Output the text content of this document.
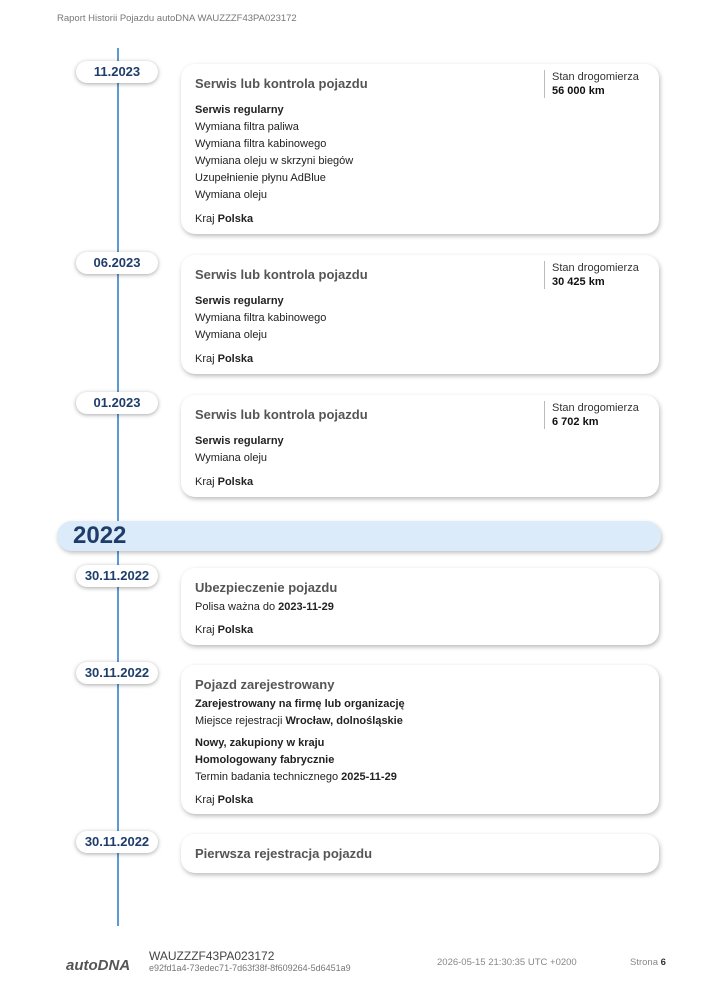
Raport Historii Pojazdu autoDNA WAUZZZF43PA023172
11.2023
Serwis lub kontrola pojazdu	Stan drogomierza
56 000 km
Serwis regularny
Wymiana filtra paliwa
Wymiana filtra kabinowego
Wymiana oleju w skrzyni biegów
Uzupełnienie płynu AdBlue
Wymiana oleju
Kraj Polska
06.2023
Serwis lub kontrola pojazdu	Stan drogomierza
30 425 km
Serwis regularny
Wymiana filtra kabinowego
Wymiana oleju
Kraj Polska
01.2023
Serwis lub kontrola pojazdu	Stan drogomierza
6 702 km
Serwis regularny
Wymiana oleju
Kraj Polska
2022
30.11.2022
Ubezpieczenie pojazdu
Polisa ważna do 2023-11-29
Kraj Polska
30.11.2022
Pojazd zarejestrowany
Zarejestrowany na firmę lub organizację
Miejsce rejestracji Wrocław, dolnośląskie
Nowy, zakupiony w kraju
Homologowany fabrycznie
Termin badania technicznego 2025-11-29
Kraj Polska
30.11.2022
Pierwsza rejestracja pojazdu
autoDNA
WAUZZZF43PA023172
e92fd1a4-73edec71-7d63f38f-8f609264-5d6451a9	2026-05-15 21:30:35 UTC +0200	Strona 6
